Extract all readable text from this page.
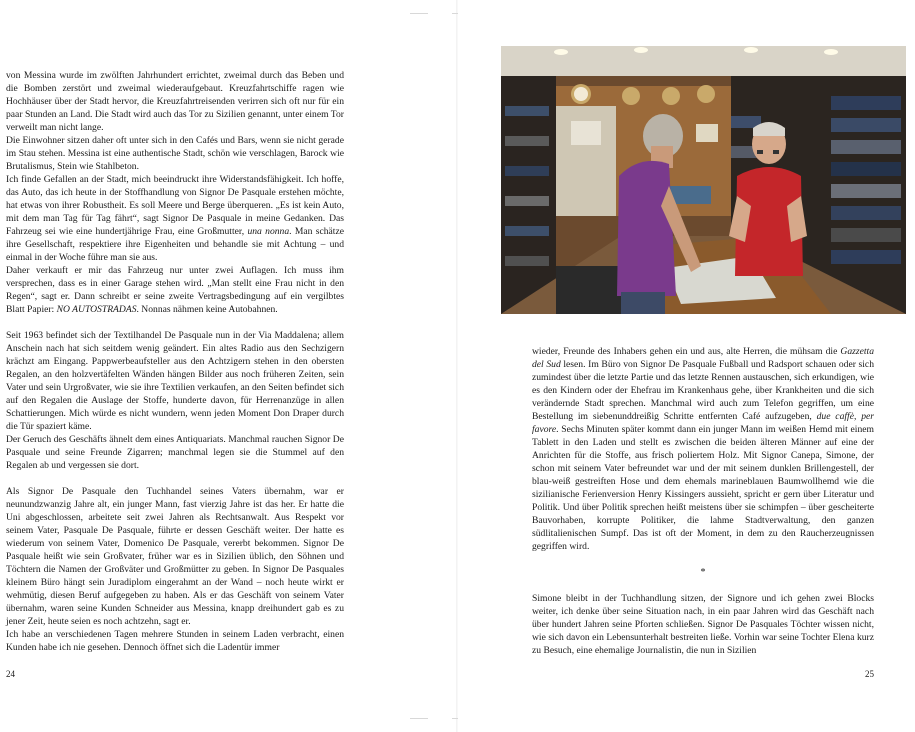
von Messina wurde im zwölften Jahrhundert errichtet, zweimal durch das Beben und die Bomben zerstört und zweimal wiederaufgebaut. Kreuzfahrtschiffe ragen wie Hochhäuser über der Stadt hervor, die Kreuzfahrtreisenden verirren sich oft nur für ein paar Stunden an Land. Die Stadt wird auch das Tor zu Sizilien genannt, unter einem Tor verweilt man nicht lange.

Die Einwohner sitzen daher oft unter sich in den Cafés und Bars, wenn sie nicht gerade im Stau stehen. Messina ist eine authentische Stadt, schön wie verschlagen, Barock wie Brutalismus, Stein wie Stahlbeton.

Ich finde Gefallen an der Stadt, mich beeindruckt ihre Widerstandsfähigkeit. Ich hoffe, das Auto, das ich heute in der Stoffhandlung von Signor De Pasquale erstehen möchte, hat etwas von ihrer Robustheit. Es soll Meere und Berge überqueren. „Es ist kein Auto, mit dem man Tag für Tag fährt“, sagt Signor De Pasquale in meine Gedanken. Das Fahrzeug sei wie eine hundertjährige Frau, eine Großmutter, una nonna. Man schätze ihre Gesellschaft, respektiere ihre Eigenheiten und behandle sie mit Achtung – und einmal in der Woche führe man sie aus.

Daher verkauft er mir das Fahrzeug nur unter zwei Auflagen. Ich muss ihm versprechen, dass es in einer Garage stehen wird. „Man stellt eine Frau nicht in den Regen“, sagt er. Dann schreibt er seine zweite Vertragsbedingung auf ein vergilbtes Blatt Papier: NO AUTOSTRADAS. Nonnas nähmen keine Autobahnen.

Seit 1963 befindet sich der Textilhandel De Pasquale nun in der Via Maddalena; allem Anschein nach hat sich seitdem wenig geändert. Ein altes Radio aus den Sechzigern krächzt am Eingang. Pappwerbeaufsteller aus den Achtzigern stehen in den obersten Regalen, an den holzvertäfelten Wänden hängen Bilder aus noch früheren Zeiten, sein Vater und sein Urgroßvater, wie sie ihre Textilien verkaufen, an den Seiten befindet sich auf den Regalen die Auslage der Stoffe, hunderte davon, für Herrenanzüge in allen Schattierungen. Mich würde es nicht wundern, wenn jeden Moment Don Draper durch die Tür spaziert käme.

Der Geruch des Geschäfts ähnelt dem eines Antiquariats. Manchmal rauchen Signor De Pasquale und seine Freunde Zigarren; manchmal legen sie die Stummel auf den Regalen ab und vergessen sie dort.

Als Signor De Pasquale den Tuchhandel seines Vaters übernahm, war er neunundzwanzig Jahre alt, ein junger Mann, fast vierzig Jahre ist das her. Er hatte die Uni abgeschlossen, arbeitete seit zwei Jahren als Rechtsanwalt. Aus Respekt vor seinem Vater, Pasquale De Pasquale, führte er dessen Geschäft weiter. Der hatte es wiederum von seinem Vater, Domenico De Pasquale, vererbt bekommen. Signor De Pasquale heißt wie sein Großvater, früher war es in Sizilien üblich, den Söhnen und Töchtern die Namen der Großväter und Großmütter zu geben. In Signor De Pasquales kleinem Büro hängt sein Juradiplom eingerahmt an der Wand – noch heute wirkt er wehmütig, diesen Beruf aufgegeben zu haben. Als er das Geschäft von seinem Vater übernahm, waren seine Kunden Schneider aus Messina, knapp dreihundert gab es zu jener Zeit, heute seien es noch achtzehn, sagt er.

Ich habe an verschiedenen Tagen mehrere Stunden in seinem Laden verbracht, einen Kunden habe ich nie gesehen. Dennoch öffnet sich die Ladentür immer

24

wieder, Freunde des Inhabers gehen ein und aus, alte Herren, die mühsam die Gazzetta del Sud lesen. Im Büro von Signor De Pasquale Fußball und Radsport schauen oder sich zumindest über die letzte Partie und das letzte Rennen austauschen, sich erkundigen, wie es den Kindern oder der Ehefrau im Krankenhaus gehe, über Krankheiten und die sich verändernde Stadt sprechen. Manchmal wird auch zum Telefon gegriffen, um eine Bestellung im siebenunddreißig Schritte entfernten Café aufzugeben, due caffè, per favore. Sechs Minuten später kommt dann ein junger Mann im weißen Hemd mit einem Tablett in den Laden und stellt es zwischen die beiden älteren Männer auf eine der Anrichten für die Stoffe, aus frisch poliertem Holz. Mit Signor Canepa, Simone, der schon mit seinem Vater befreundet war und der mit seinem dunklen Brillengestell, der blau-weiß gestreiften Hose und dem ehemals marineblauen Baumwollhemd wie die sizilianische Ferienversion Henry Kissingers aussieht, spricht er gern über Literatur und Politik. Und über Politik sprechen heißt meistens über sie schimpfen – über gescheiterte Bauvorhaben, korrupte Politiker, die lahme Stadtverwaltung, den ganzen südlitalienischen Sumpf. Das ist oft der Moment, in dem zu den Raucherzeugnissen gegriffen wird.

*

Simone bleibt in der Tuchhandlung sitzen, der Signore und ich gehen zwei Blocks weiter, ich denke über seine Situation nach, in ein paar Jahren wird das Geschäft nach über hundert Jahren seine Pforten schließen. Signor De Pasquales Töchter wissen nicht, wie sich davon ein Lebensunterhalt bestreiten ließe. Vorhin war seine Tochter Elena kurz zu Besuch, eine ehemalige Journalistin, die nun in Sizilien

25
